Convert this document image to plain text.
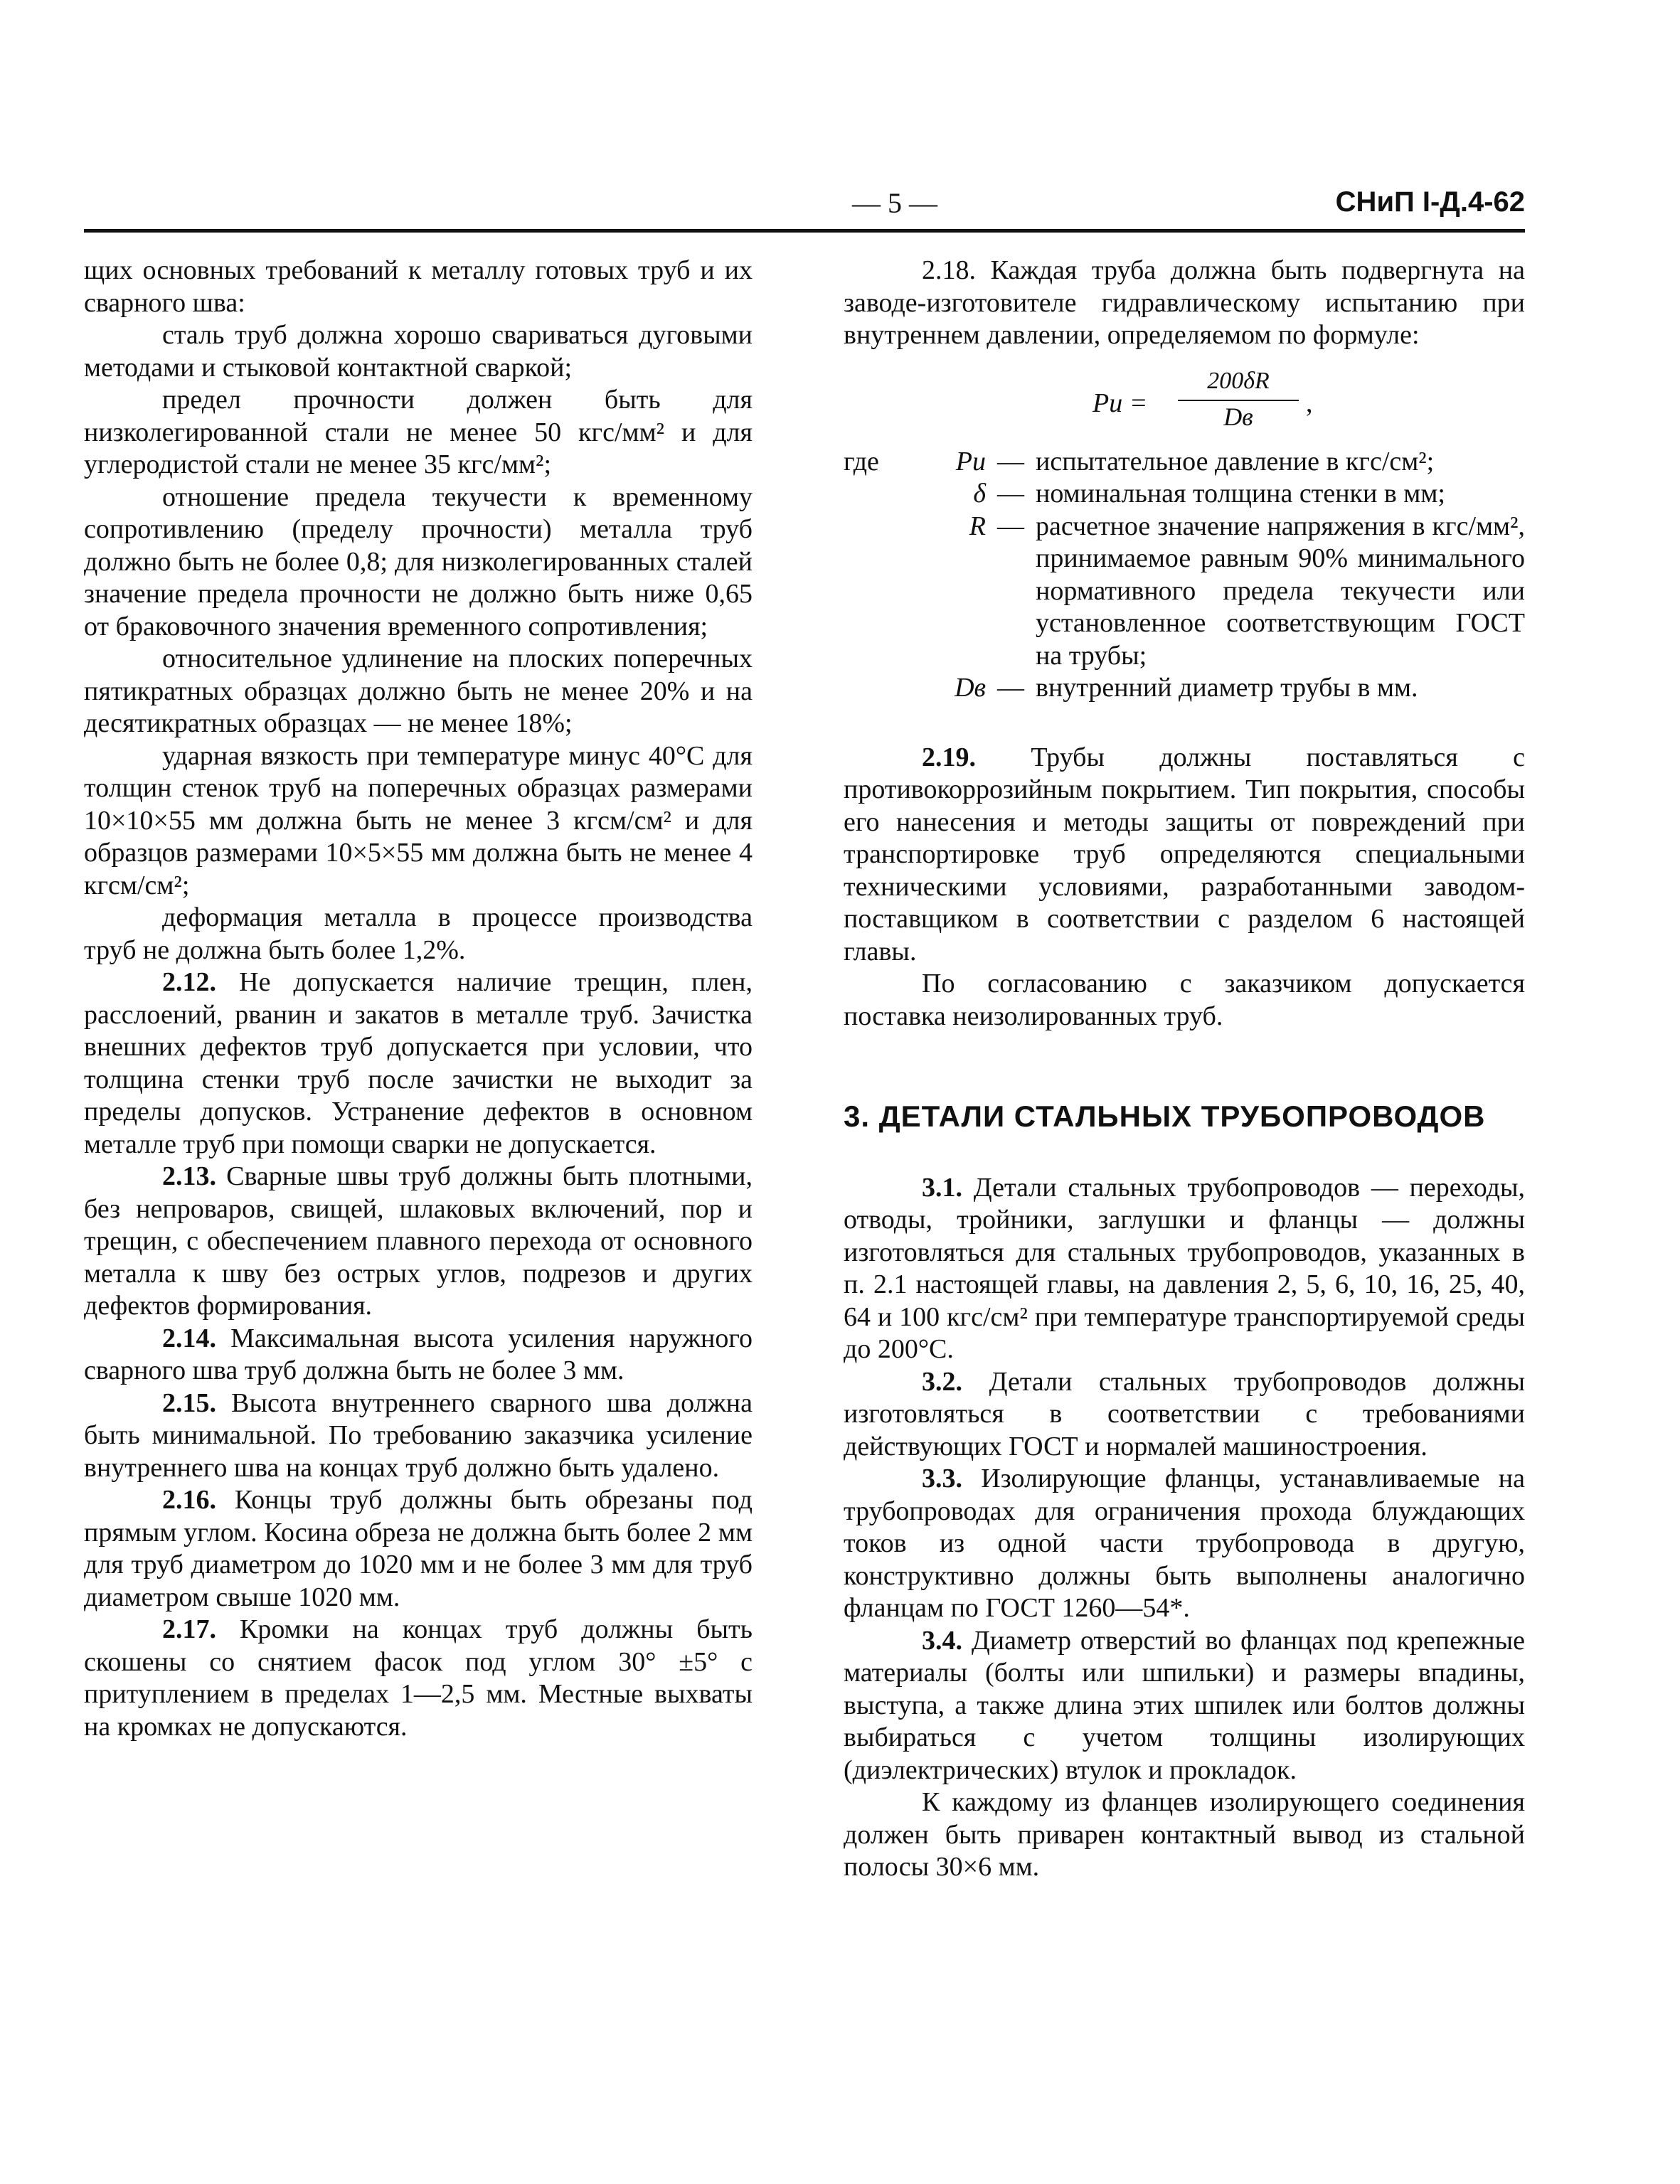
— 5 —	СНиП I-Д.4-62

щих основных требований к металлу готовых труб и их сварного шва:

сталь труб должна хорошо свариваться дуговыми методами и стыковой контактной сваркой;

предел прочности должен быть для низколегированной стали не менее 50 кгс/мм² и для углеродистой стали не менее 35 кгс/мм²;

отношение предела текучести к временному сопротивлению (пределу прочности) металла труб должно быть не более 0,8; для низколегированных сталей значение предела прочности не должно быть ниже 0,65 от браковочного значения временного сопротивления;

относительное удлинение на плоских поперечных пятикратных образцах должно быть не менее 20% и на десятикратных образцах — не менее 18%;

ударная вязкость при температуре минус 40°С для толщин стенок труб на поперечных образцах размерами 10×10×55 мм должна быть не менее 3 кгсм/см² и для образцов размерами 10×5×55 мм должна быть не менее 4 кгсм/см²;

деформация металла в процессе производства труб не должна быть более 1,2%.

2.12. Не допускается наличие трещин, плен, расслоений, рванин и закатов в металле труб. Зачистка внешних дефектов труб допускается при условии, что толщина стенки труб после зачистки не выходит за пределы допусков. Устранение дефектов в основном металле труб при помощи сварки не допускается.

2.13. Сварные швы труб должны быть плотными, без непроваров, свищей, шлаковых включений, пор и трещин, с обеспечением плавного перехода от основного металла к шву без острых углов, подрезов и других дефектов формирования.

2.14. Максимальная высота усиления наружного сварного шва труб должна быть не более 3 мм.

2.15. Высота внутреннего сварного шва должна быть минимальной. По требованию заказчика усиление внутреннего шва на концах труб должно быть удалено.

2.16. Концы труб должны быть обрезаны под прямым углом. Косина обреза не должна быть более 2 мм для труб диаметром до 1020 мм и не более 3 мм для труб диаметром свыше 1020 мм.

2.17. Кромки на концах труб должны быть скошены со снятием фасок под углом 30° ±5° с притуплением в пределах 1—2,5 мм. Местные выхваты на кромках не допускаются.

2.18. Каждая труба должна быть подвергнута на заводе-изготовителе гидравлическому испытанию при внутреннем давлении, определяемом по формуле:

Pи =
200δR
Dв	,
где	Pи — испытательное давление в кгс/см²;
δ — номинальная толщина стенки в мм;
R — расчетное значение напряжения в кгс/мм², принимаемое равным 90% минимального нормативного предела текучести или установленное соответствующим ГОСТ на трубы;
Dв — внутренний диаметр трубы в мм.

2.19. Трубы должны поставляться с противокоррозийным покрытием. Тип покрытия, способы его нанесения и методы защиты от повреждений при транспортировке труб определяются специальными техническими условиями, разработанными заводом-поставщиком в соответствии с разделом 6 настоящей главы.

По согласованию с заказчиком допускается поставка неизолированных труб.

3. ДЕТАЛИ СТАЛЬНЫХ ТРУБОПРОВОДОВ

3.1. Детали стальных трубопроводов — переходы, отводы, тройники, заглушки и фланцы — должны изготовляться для стальных трубопроводов, указанных в п. 2.1 настоящей главы, на давления 2, 5, 6, 10, 16, 25, 40, 64 и 100 кгс/см² при температуре транспортируемой среды до 200°С.

3.2. Детали стальных трубопроводов должны изготовляться в соответствии с требованиями действующих ГОСТ и нормалей машиностроения.

3.3. Изолирующие фланцы, устанавливаемые на трубопроводах для ограничения прохода блуждающих токов из одной части трубопровода в другую, конструктивно должны быть выполнены аналогично фланцам по ГОСТ 1260—54*.

3.4. Диаметр отверстий во фланцах под крепежные материалы (болты или шпильки) и размеры впадины, выступа, а также длина этих шпилек или болтов должны выбираться с учетом толщины изолирующих (диэлектрических) втулок и прокладок.

К каждому из фланцев изолирующего соединения должен быть приварен контактный вывод из стальной полосы 30×6 мм.
